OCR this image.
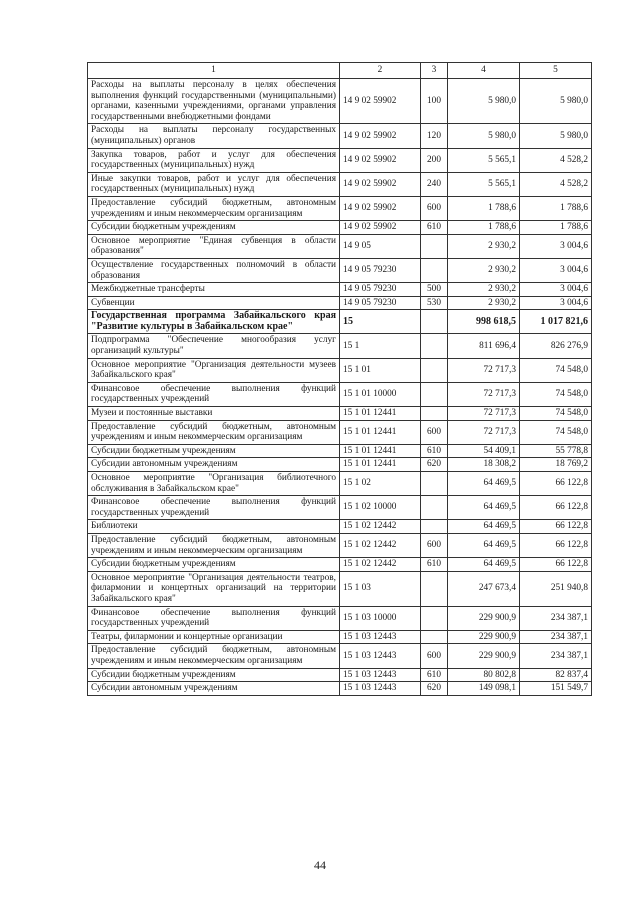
1	2	3	4	5
Расходы на выплаты персоналу в целях обеспечения выполнения функций государственными (муниципальными) органами, казенными учреждениями, органами управления государственными внебюджетными фондами	14 9 02 59902	100	5 980,0	5 980,0
Расходы на выплаты персоналу государственных (муниципальных) органов	14 9 02 59902	120	5 980,0	5 980,0
Закупка товаров, работ и услуг для обеспечения государственных (муниципальных) нужд	14 9 02 59902	200	5 565,1	4 528,2
Иные закупки товаров, работ и услуг для обеспечения государственных (муниципальных) нужд	14 9 02 59902	240	5 565,1	4 528,2
Предоставление субсидий бюджетным, автономным учреждениям и иным некоммерческим организациям	14 9 02 59902	600	1 788,6	1 788,6
Субсидии бюджетным учреждениям	14 9 02 59902	610	1 788,6	1 788,6
Основное мероприятие "Единая субвенция в области образования"	14 9 05		2 930,2	3 004,6
Осуществление государственных полномочий в области образования	14 9 05 79230		2 930,2	3 004,6
Межбюджетные трансферты	14 9 05 79230	500	2 930,2	3 004,6
Субвенции	14 9 05 79230	530	2 930,2	3 004,6
Государственная программа Забайкальского края "Развитие культуры в Забайкальском крае"	15		998 618,5	1 017 821,6
Подпрограмма "Обеспечение многообразия услуг организаций культуры"	15 1		811 696,4	826 276,9
Основное мероприятие "Организация деятельности музеев Забайкальского края"	15 1 01		72 717,3	74 548,0
Финансовое обеспечение выполнения функций государственных учреждений	15 1 01 10000		72 717,3	74 548,0
Музеи и постоянные выставки	15 1 01 12441		72 717,3	74 548,0
Предоставление субсидий бюджетным, автономным учреждениям и иным некоммерческим организациям	15 1 01 12441	600	72 717,3	74 548,0
Субсидии бюджетным учреждениям	15 1 01 12441	610	54 409,1	55 778,8
Субсидии автономным учреждениям	15 1 01 12441	620	18 308,2	18 769,2
Основное мероприятие "Организация библиотечного обслуживания в Забайкальском крае"	15 1 02		64 469,5	66 122,8
Финансовое обеспечение выполнения функций государственных учреждений	15 1 02 10000		64 469,5	66 122,8
Библиотеки	15 1 02 12442		64 469,5	66 122,8
Предоставление субсидий бюджетным, автономным учреждениям и иным некоммерческим организациям	15 1 02 12442	600	64 469,5	66 122,8
Субсидии бюджетным учреждениям	15 1 02 12442	610	64 469,5	66 122,8
Основное мероприятие "Организация деятельности театров, филармонии и концертных организаций на территории Забайкальского края"	15 1 03		247 673,4	251 940,8
Финансовое обеспечение выполнения функций государственных учреждений	15 1 03 10000		229 900,9	234 387,1
Театры, филармонии и концертные организации	15 1 03 12443		229 900,9	234 387,1
Предоставление субсидий бюджетным, автономным учреждениям и иным некоммерческим организациям	15 1 03 12443	600	229 900,9	234 387,1
Субсидии бюджетным учреждениям	15 1 03 12443	610	80 802,8	82 837,4
Субсидии автономным учреждениям	15 1 03 12443	620	149 098,1	151 549,7
44
